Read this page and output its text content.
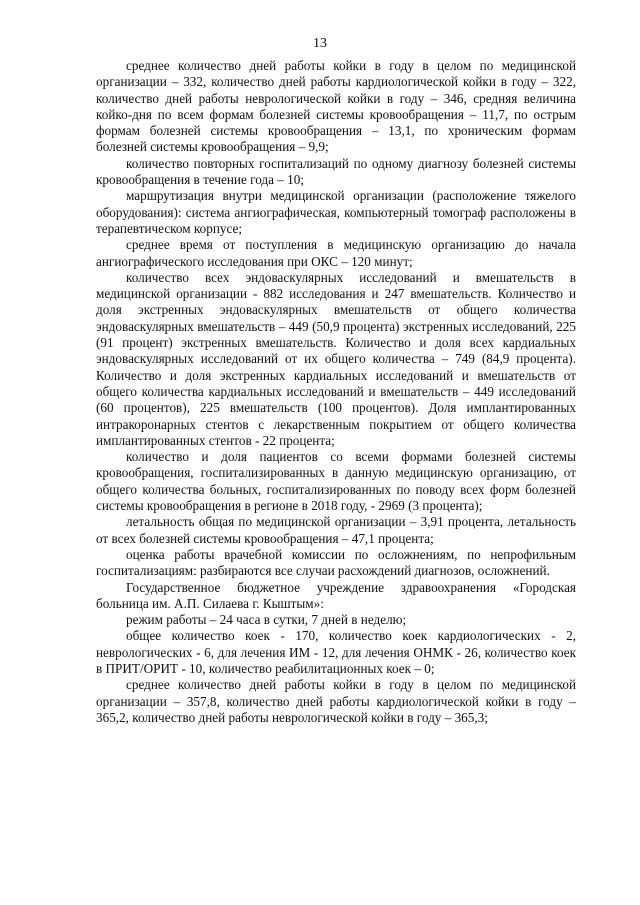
13

среднее количество дней работы койки в году в целом по медицинской организации – 332, количество дней работы кардиологической койки в году – 322, количество дней работы неврологической койки в году – 346, средняя величина койко-дня по всем формам болезней системы кровообращения – 11,7, по острым формам болезней системы кровообращения – 13,1, по хроническим формам болезней системы кровообращения – 9,9;

количество повторных госпитализаций по одному диагнозу болезней системы кровообращения в течение года – 10;

маршрутизация внутри медицинской организации (расположение тяжелого оборудования): система ангиографическая, компьютерный томограф расположены в терапевтическом корпусе;

среднее время от поступления в медицинскую организацию до начала ангиографического исследования при ОКС – 120 минут;

количество всех эндоваскулярных исследований и вмешательств в медицинской организации - 882 исследования и 247 вмешательств. Количество и доля экстренных эндоваскулярных вмешательств от общего количества эндоваскулярных вмешательств – 449 (50,9 процента) экстренных исследований, 225 (91 процент) экстренных вмешательств. Количество и доля всех кардиальных эндоваскулярных исследований от их общего количества – 749 (84,9 процента). Количество и доля экстренных кардиальных исследований и вмешательств от общего количества кардиальных исследований и вмешательств – 449 исследований (60 процентов), 225 вмешательств (100 процентов). Доля имплантированных интракоронарных стентов с лекарственным покрытием от общего количества имплантированных стентов - 22 процента;

количество и доля пациентов со всеми формами болезней системы кровообращения, госпитализированных в данную медицинскую организацию, от общего количества больных, госпитализированных по поводу всех форм болезней системы кровообращения в регионе в 2018 году, - 2969 (3 процента);

летальность общая по медицинской организации – 3,91 процента, летальность от всех болезней системы кровообращения – 47,1 процента;

оценка работы врачебной комиссии по осложнениям, по непрофильным госпитализациям: разбираются все случаи расхождений диагнозов, осложнений.

Государственное бюджетное учреждение здравоохранения «Городская больница им. А.П. Силаева г. Кыштым»:

режим работы – 24 часа в сутки, 7 дней в неделю;

общее количество коек - 170, количество коек кардиологических - 2, неврологических - 6, для лечения ИМ - 12, для лечения ОНМК - 26, количество коек в ПРИТ/ОРИТ - 10, количество реабилитационных коек – 0;

среднее количество дней работы койки в году в целом по медицинской организации – 357,8, количество дней работы кардиологической койки в году – 365,2, количество дней работы неврологической койки в году – 365,3;
